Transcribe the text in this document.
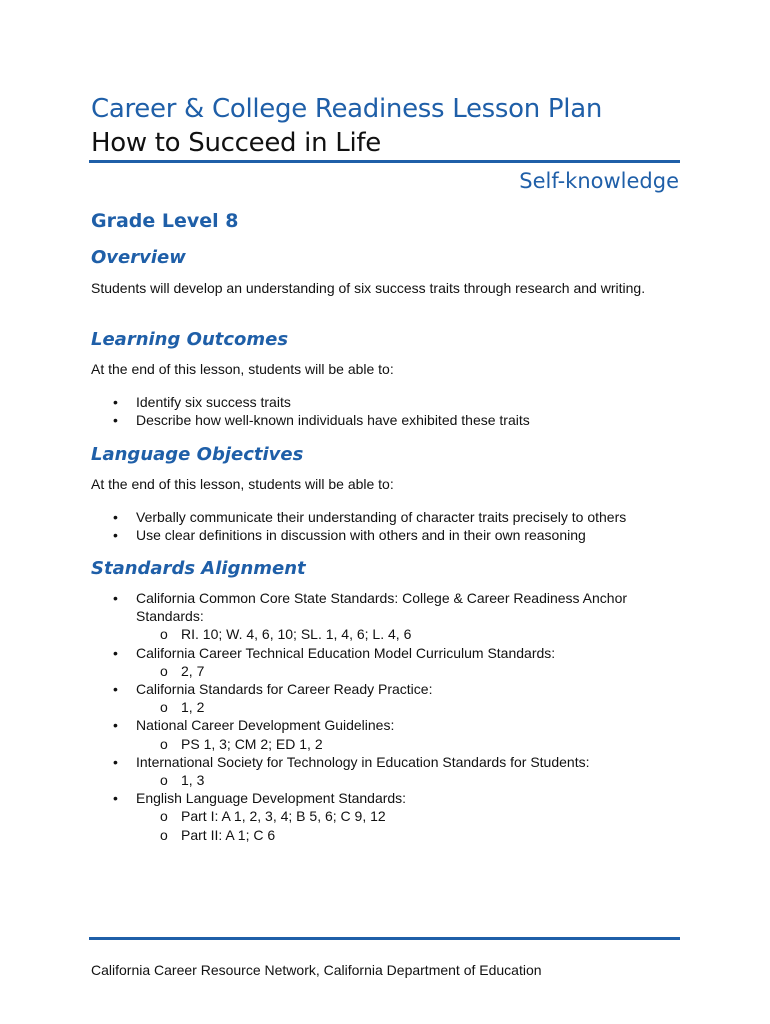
Career & College Readiness Lesson Plan
How to Succeed in Life
Self-knowledge
Grade Level 8
Overview

Students will develop an understanding of six success traits through research and writing.

Learning Outcomes

At the end of this lesson, students will be able to:

• Identify six success traits
• Describe how well-known individuals have exhibited these traits
Language Objectives

At the end of this lesson, students will be able to:

• Verbally communicate their understanding of character traits precisely to others
• Use clear definitions in discussion with others and in their own reasoning
Standards Alignment
• California Common Core State Standards: College & Career Readiness Anchor Standards:
o RI. 10; W. 4, 6, 10; SL. 1, 4, 6; L. 4, 6
• California Career Technical Education Model Curriculum Standards:
o 2, 7
• California Standards for Career Ready Practice:
o 1, 2
• National Career Development Guidelines:
o PS 1, 3; CM 2; ED 1, 2
• International Society for Technology in Education Standards for Students:
o 1, 3
• English Language Development Standards:
o Part I: A 1, 2, 3, 4; B 5, 6; C 9, 12
o Part II: A 1; C 6
California Career Resource Network, California Department of Education
